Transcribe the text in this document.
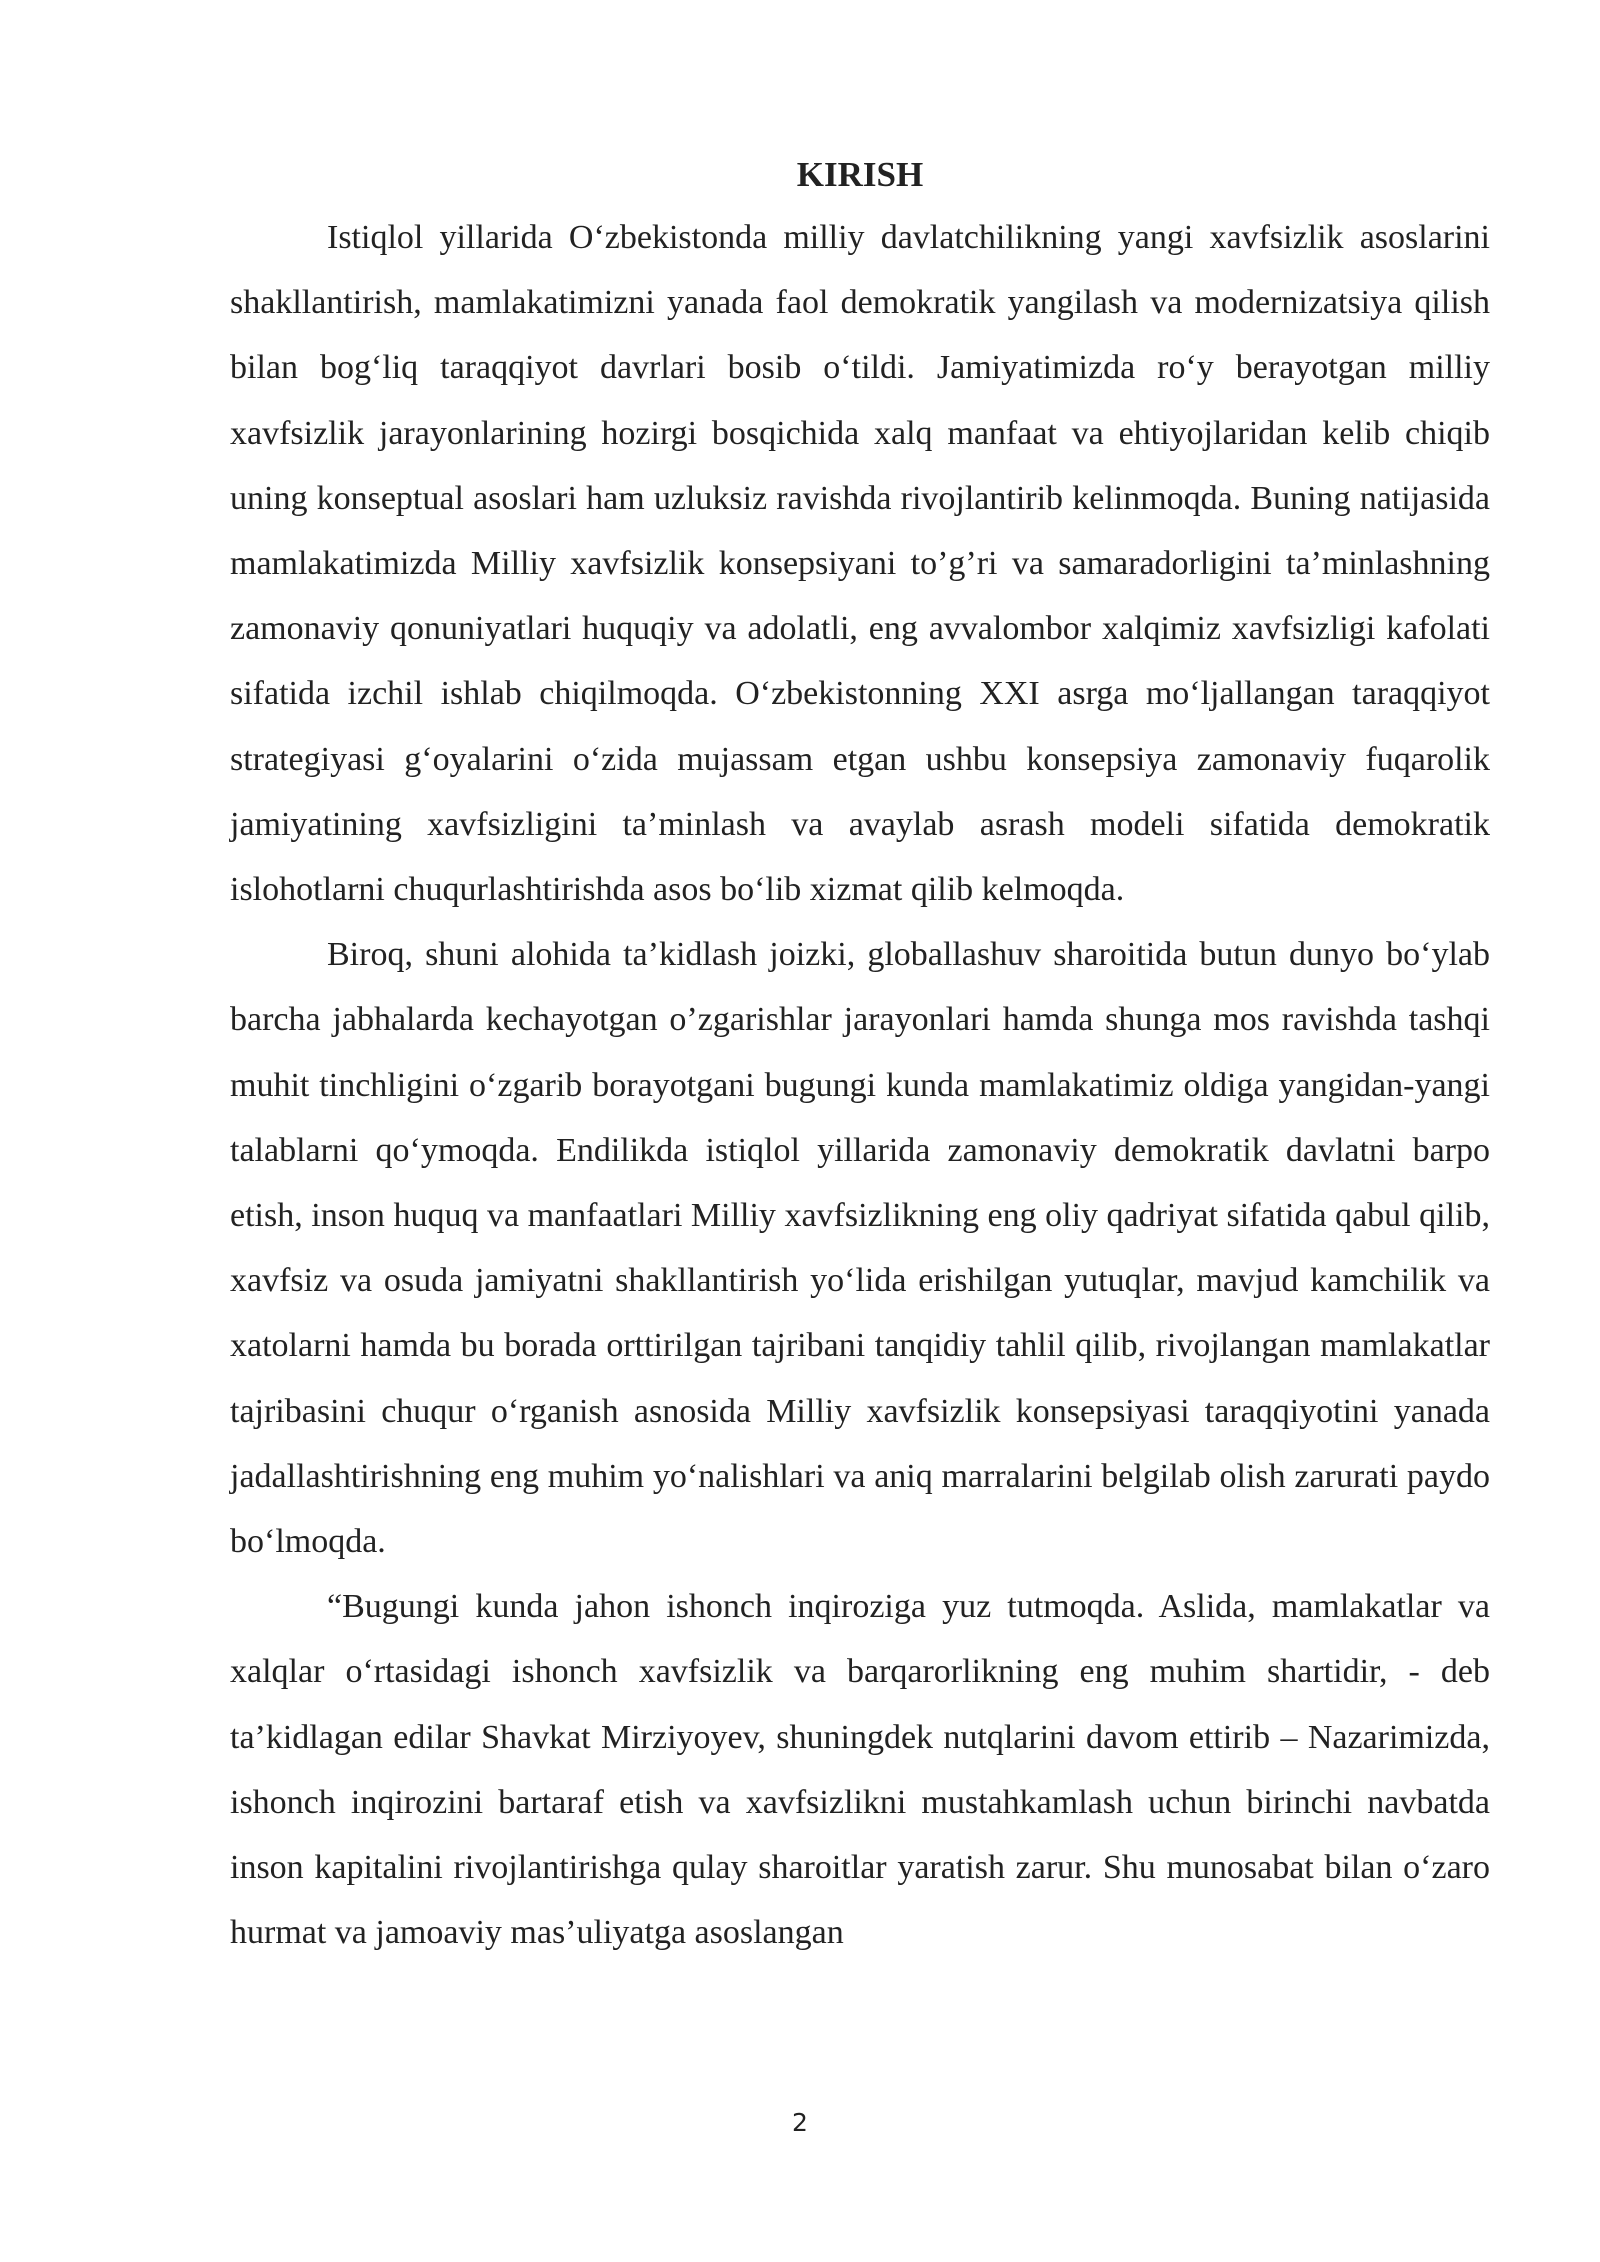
KIRISH

Istiqlol yillarida O‘zbekistonda milliy davlatchilikning yangi xavfsizlik asoslarini shakllantirish, mamlakatimizni yanada faol demokratik yangilash va modernizatsiya qilish bilan bog‘liq taraqqiyot davrlari bosib o‘tildi. Jamiyatimizda ro‘y berayotgan milliy xavfsizlik jarayonlarining hozirgi bosqichida xalq manfaat va ehtiyojlaridan kelib chiqib uning konseptual asoslari ham uzluksiz ravishda rivojlantirib kelinmoqda. Buning natijasida mamlakatimizda Milliy xavfsizlik konsepsiyani to’g’ri va samaradorligini ta’minlashning zamonaviy qonuniyatlari huquqiy va adolatli, eng avvalombor xalqimiz xavfsizligi kafolati sifatida izchil ishlab chiqilmoqda. O‘zbekistonning XXI asrga mo‘ljallangan taraqqiyot strategiyasi g‘oyalarini o‘zida mujassam etgan ushbu konsepsiya zamonaviy fuqarolik jamiyatining xavfsizligini ta’minlash va avaylab asrash modeli sifatida demokratik islohotlarni chuqurlashtirishda asos bo‘lib xizmat qilib kelmoqda.

Biroq, shuni alohida ta’kidlash joizki, globallashuv sharoitida butun dunyo bo‘ylab barcha jabhalarda kechayotgan o’zgarishlar jarayonlari hamda shunga mos ravishda tashqi muhit tinchligini o‘zgarib borayotgani bugungi kunda mamlakatimiz oldiga yangidan-yangi talablarni qo‘ymoqda. Endilikda istiqlol yillarida zamonaviy demokratik davlatni barpo etish, inson huquq va manfaatlari Milliy xavfsizlikning eng oliy qadriyat sifatida qabul qilib, xavfsiz va osuda jamiyatni shakllantirish yo‘lida erishilgan yutuqlar, mavjud kamchilik va xatolarni hamda bu borada orttirilgan tajribani tanqidiy tahlil qilib, rivojlangan mamlakatlar tajribasini chuqur o‘rganish asnosida Milliy xavfsizlik konsepsiyasi taraqqiyotini yanada jadallashtirishning eng muhim yo‘nalishlari va aniq marralarini belgilab olish zarurati paydo bo‘lmoqda.

“Bugungi kunda jahon ishonch inqiroziga yuz tutmoqda. Aslida, mamlakatlar va xalqlar o‘rtasidagi ishonch xavfsizlik va barqarorlikning eng muhim shartidir, - deb ta’kidlagan edilar Shavkat Mirziyoyev, shuningdek nutqlarini davom ettirib – Nazarimizda, ishonch inqirozini bartaraf etish va xavfsizlikni mustahkamlash uchun birinchi navbatda inson kapitalini rivojlantirishga qulay sharoitlar yaratish zarur. Shu munosabat bilan o‘zaro hurmat va jamoaviy mas’uliyatga asoslangan

2
